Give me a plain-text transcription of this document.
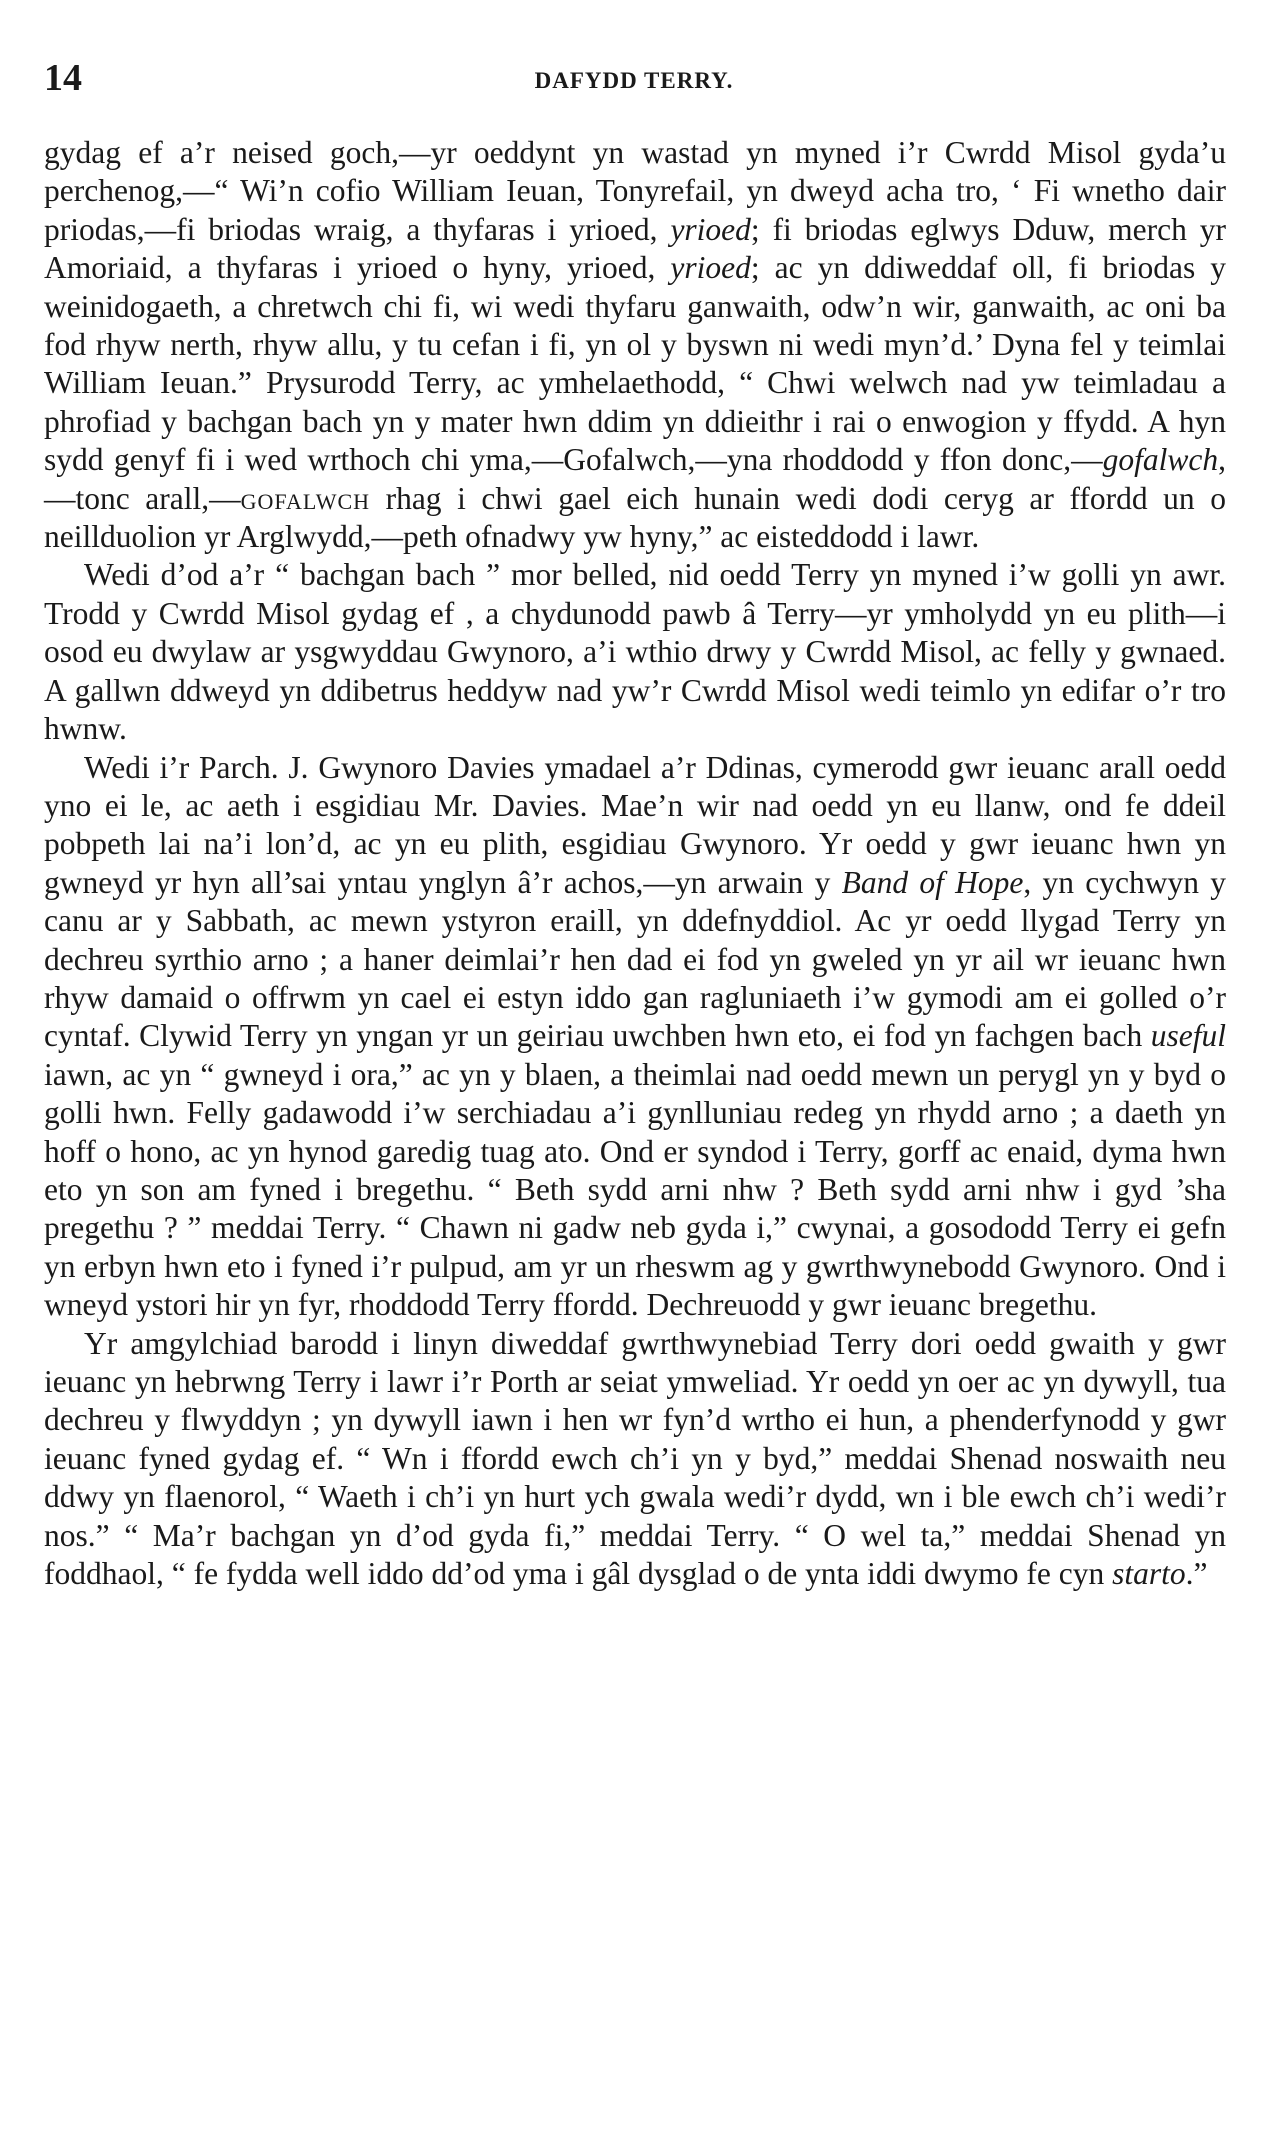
14	DAFYDD TERRY.

gydag ef a’r neised goch,—yr oeddynt yn wastad yn myned i’r Cwrdd Misol gyda’u perchenog,—“ Wi’n cofio William Ieuan, Tonyrefail, yn dweyd acha tro, ‘ Fi wnetho dair priodas,—fi briodas wraig, a thyfaras i yrioed, yrioed; fi briodas eglwys Dduw, merch yr Amoriaid, a thyfaras i yrioed o hyny, yrioed, yrioed; ac yn ddiweddaf oll, fi briodas y weinidogaeth, a chretwch chi fi, wi wedi thyfaru ganwaith, odw’n wir, ganwaith, ac oni ba fod rhyw nerth, rhyw allu, y tu cefan i fi, yn ol y byswn ni wedi myn’d.’ Dyna fel y teimlai William Ieuan.” Prysurodd Terry, ac ymhelaethodd, “ Chwi welwch nad yw teimladau a phrofiad y bachgan bach yn y mater hwn ddim yn ddieithr i rai o enwogion y ffydd. A hyn sydd genyf fi i wed wrthoch chi yma,—Gofalwch,—yna rhoddodd y ffon donc,—gofalwch,—tonc arall,—gofalwch rhag i chwi gael eich hunain wedi dodi ceryg ar ffordd un o neillduolion yr Arglwydd,—peth ofnadwy yw hyny,” ac eisteddodd i lawr.

Wedi d’od a’r “ bachgan bach ” mor belled, nid oedd Terry yn myned i’w golli yn awr. Trodd y Cwrdd Misol gydag ef , a chydunodd pawb â Terry—yr ymholydd yn eu plith—i osod eu dwylaw ar ysgwyddau Gwynoro, a’i wthio drwy y Cwrdd Misol, ac felly y gwnaed. A gallwn ddweyd yn ddibetrus heddyw nad yw’r Cwrdd Misol wedi teimlo yn edifar o’r tro hwnw.

Wedi i’r Parch. J. Gwynoro Davies ymadael a’r Ddinas, cymerodd gwr ieuanc arall oedd yno ei le, ac aeth i esgidiau Mr. Davies. Mae’n wir nad oedd yn eu llanw, ond fe ddeil pobpeth lai na’i lon’d, ac yn eu plith, esgidiau Gwynoro. Yr oedd y gwr ieuanc hwn yn gwneyd yr hyn all’sai yntau ynglyn â’r achos,—yn arwain y Band of Hope, yn cychwyn y canu ar y Sabbath, ac mewn ystyron eraill, yn ddefnyddiol. Ac yr oedd llygad Terry yn dechreu syrthio arno ; a haner deimlai’r hen dad ei fod yn gweled yn yr ail wr ieuanc hwn rhyw damaid o offrwm yn cael ei estyn iddo gan ragluniaeth i’w gymodi am ei golled o’r cyntaf. Clywid Terry yn yngan yr un geiriau uwchben hwn eto, ei fod yn fachgen bach useful iawn, ac yn “ gwneyd i ora,” ac yn y blaen, a theimlai nad oedd mewn un perygl yn y byd o golli hwn. Felly gadawodd i’w serchiadau a’i gynlluniau redeg yn rhydd arno ; a daeth yn hoff o hono, ac yn hynod garedig tuag ato. Ond er syndod i Terry, gorff ac enaid, dyma hwn eto yn son am fyned i bregethu. “ Beth sydd arni nhw ? Beth sydd arni nhw i gyd ’sha pregethu ? ” meddai Terry. “ Chawn ni gadw neb gyda i,” cwynai, a gosododd Terry ei gefn yn erbyn hwn eto i fyned i’r pulpud, am yr un rheswm ag y gwrthwynebodd Gwynoro. Ond i wneyd ystori hir yn fyr, rhoddodd Terry ffordd. Dechreuodd y gwr ieuanc bregethu.

Yr amgylchiad barodd i linyn diweddaf gwrthwynebiad Terry dori oedd gwaith y gwr ieuanc yn hebrwng Terry i lawr i’r Porth ar seiat ymweliad. Yr oedd yn oer ac yn dywyll, tua dechreu y flwyddyn ; yn dywyll iawn i hen wr fyn’d wrtho ei hun, a phenderfynodd y gwr ieuanc fyned gydag ef. “ Wn i ffordd ewch ch’i yn y byd,” meddai Shenad noswaith neu ddwy yn flaenorol, “ Waeth i ch’i yn hurt ych gwala wedi’r dydd, wn i ble ewch ch’i wedi’r nos.” “ Ma’r bachgan yn d’od gyda fi,” meddai Terry. “ O wel ta,” meddai Shenad yn foddhaol, “ fe fydda well iddo dd’od yma i gâl dysglad o de ynta iddi dwymo fe cyn starto.”
